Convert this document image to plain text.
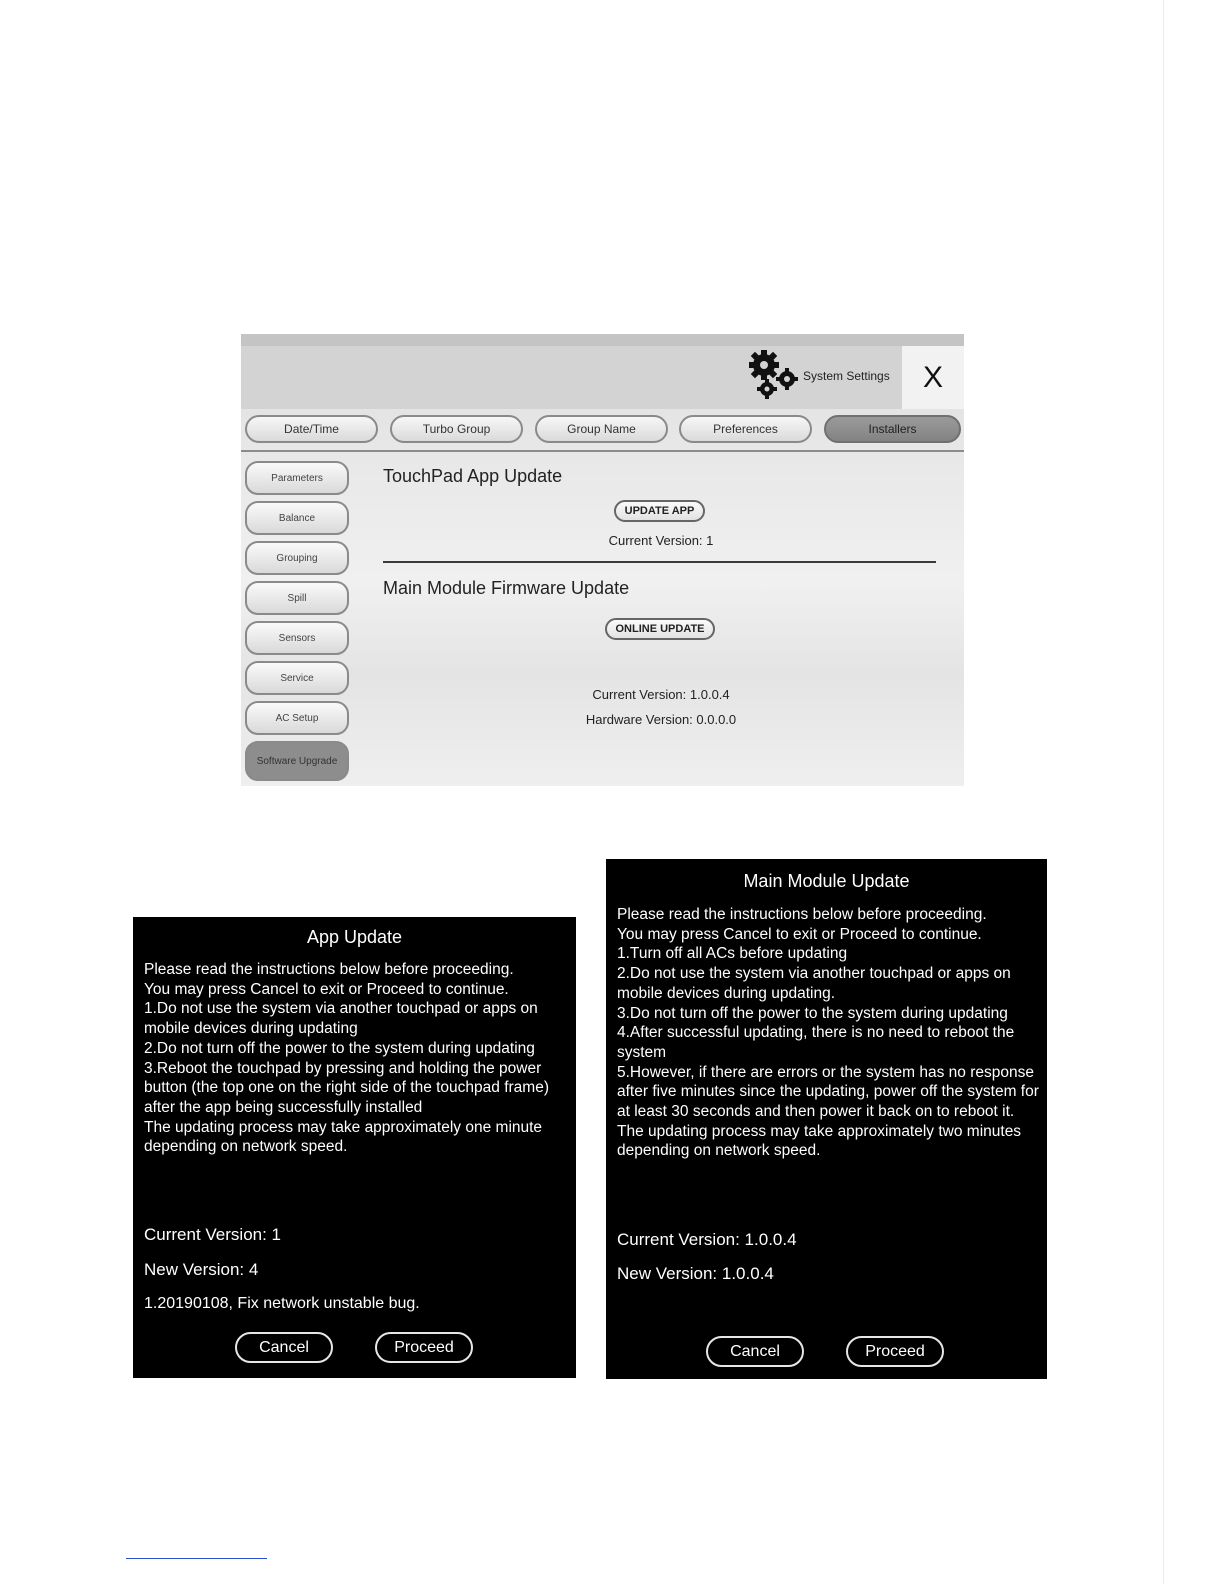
System Settings	X
Date/Time	Turbo Group	Group Name	Preferences	Installers
Parameters
Balance
Grouping
Spill
Sensors
Service
AC Setup
Software Upgrade
TouchPad App Update
UPDATE APP
Current Version: 1
Main Module Firmware Update
ONLINE UPDATE
Current Version: 1.0.0.4
Hardware Version: 0.0.0.0
App Update
Please read the instructions below before proceeding.
You may press Cancel to exit or Proceed to continue.
1.Do not use the system via another touchpad or apps on mobile devices during updating
2.Do not turn off the power to the system during updating
3.Reboot the touchpad by pressing and holding the power button (the top one on the right side of the touchpad frame) after the app being successfully installed
The updating process may take approximately one minute depending on network speed.
Current Version: 1
New Version: 4
1.20190108, Fix network unstable bug.
Cancel	Proceed
Main Module Update
Please read the instructions below before proceeding.
You may press Cancel to exit or Proceed to continue.
1.Turn off all ACs before updating
2.Do not use the system via another touchpad or apps on mobile devices during updating.
3.Do not turn off the power to the system during updating
4.After successful updating, there is no need to reboot the system
5.However, if there are errors or the system has no response after five minutes since the updating, power off the system for at least 30 seconds and then power it back on to reboot it.
The updating process may take approximately two minutes depending on network speed.
Current Version: 1.0.0.4
New Version: 1.0.0.4
Cancel	Proceed
